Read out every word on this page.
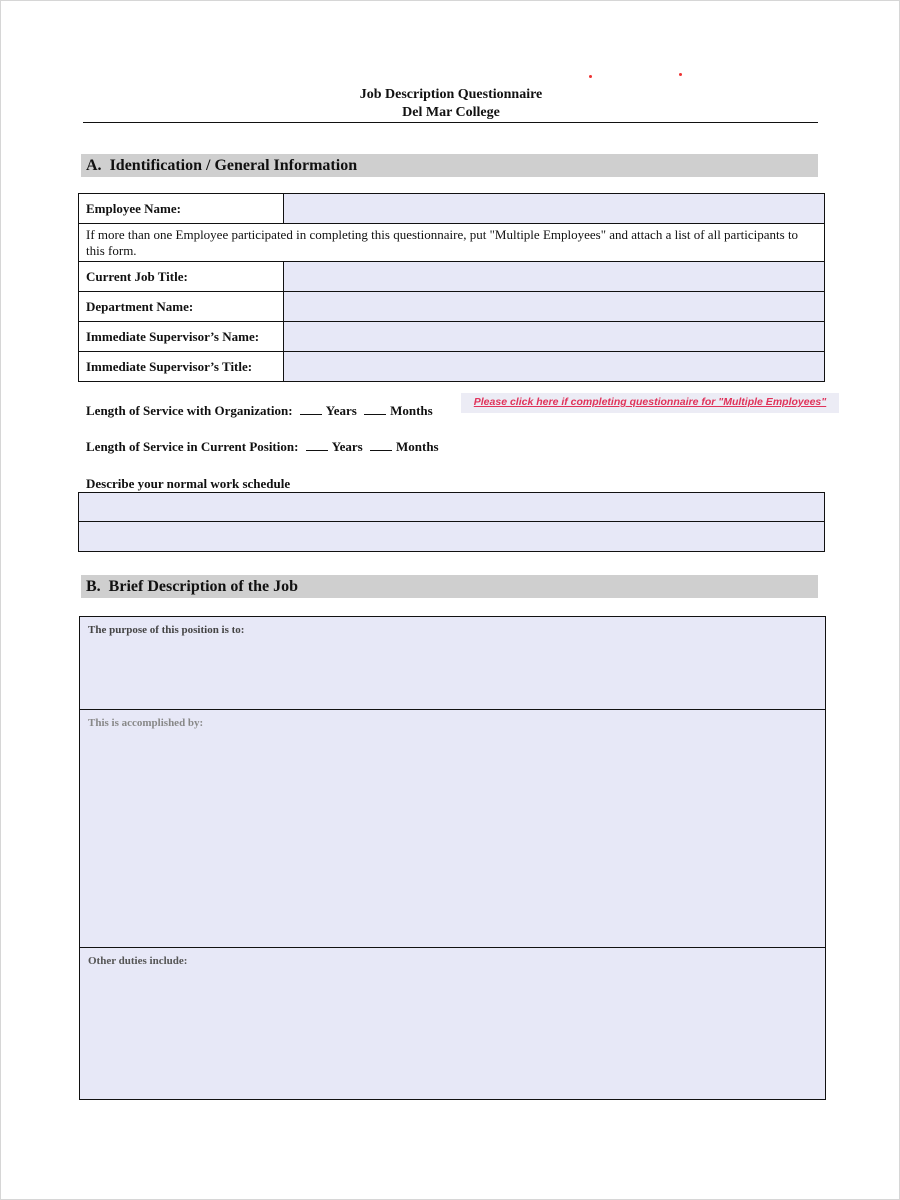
Job Description Questionnaire
Del Mar College
A. Identification / General Information
Employee Name:	
If more than one Employee participated in completing this questionnaire, put "Multiple Employees" and attach a list of all participants to this form.	
Current Job Title:	
Department Name:	
Immediate Supervisor’s Name:	
Immediate Supervisor’s Title:	
Length of Service with Organization:	Years	Months
Please click here if completing questionnaire for "Multiple Employees"
Length of Service in Current Position:	Years	Months
Describe your normal work schedule
B. Brief Description of the Job
The purpose of this position is to:
This is accomplished by:
Other duties include:
